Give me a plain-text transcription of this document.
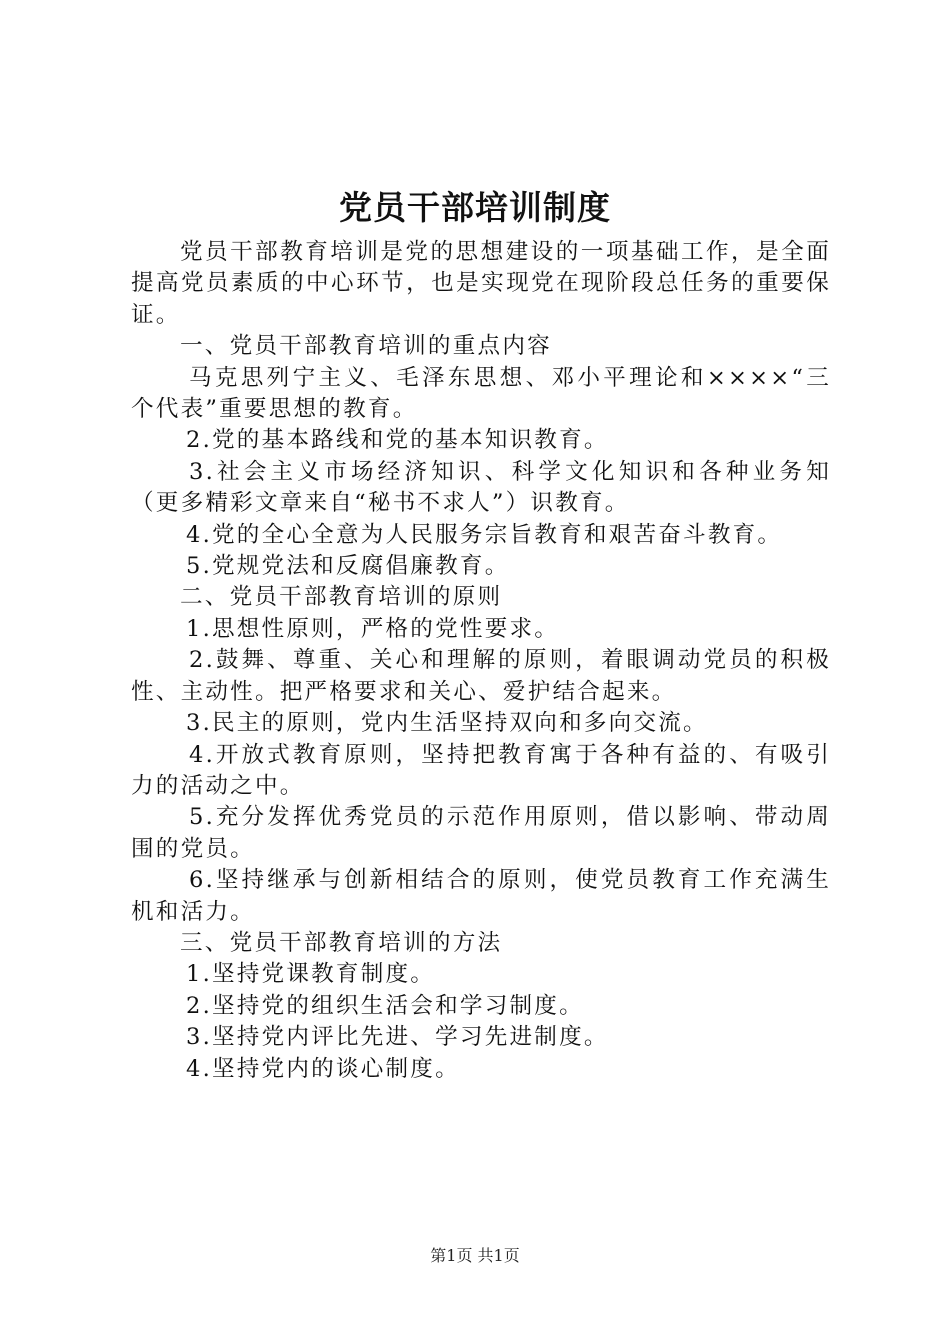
党员干部培训制度

党员干部教育培训是党的思想建设的一项基础工作，是全面提高党员素质的中心环节，也是实现党在现阶段总任务的重要保证。

一、党员干部教育培训的重点内容

马克思列宁主义、毛泽东思想、邓小平理论和××××“三个代表”重要思想的教育。

2.党的基本路线和党的基本知识教育。

3.社会主义市场经济知识、科学文化知识和各种业务知（更多精彩文章来自“秘书不求人”）识教育。

4.党的全心全意为人民服务宗旨教育和艰苦奋斗教育。

5.党规党法和反腐倡廉教育。

二、党员干部教育培训的原则

1.思想性原则，严格的党性要求。

2.鼓舞、尊重、关心和理解的原则，着眼调动党员的积极性、主动性。把严格要求和关心、爱护结合起来。

3.民主的原则，党内生活坚持双向和多向交流。

4.开放式教育原则，坚持把教育寓于各种有益的、有吸引力的活动之中。

5.充分发挥优秀党员的示范作用原则，借以影响、带动周围的党员。

6.坚持继承与创新相结合的原则，使党员教育工作充满生机和活力。

三、党员干部教育培训的方法

1.坚持党课教育制度。

2.坚持党的组织生活会和学习制度。

3.坚持党内评比先进、学习先进制度。

4.坚持党内的谈心制度。

第1页 共1页
